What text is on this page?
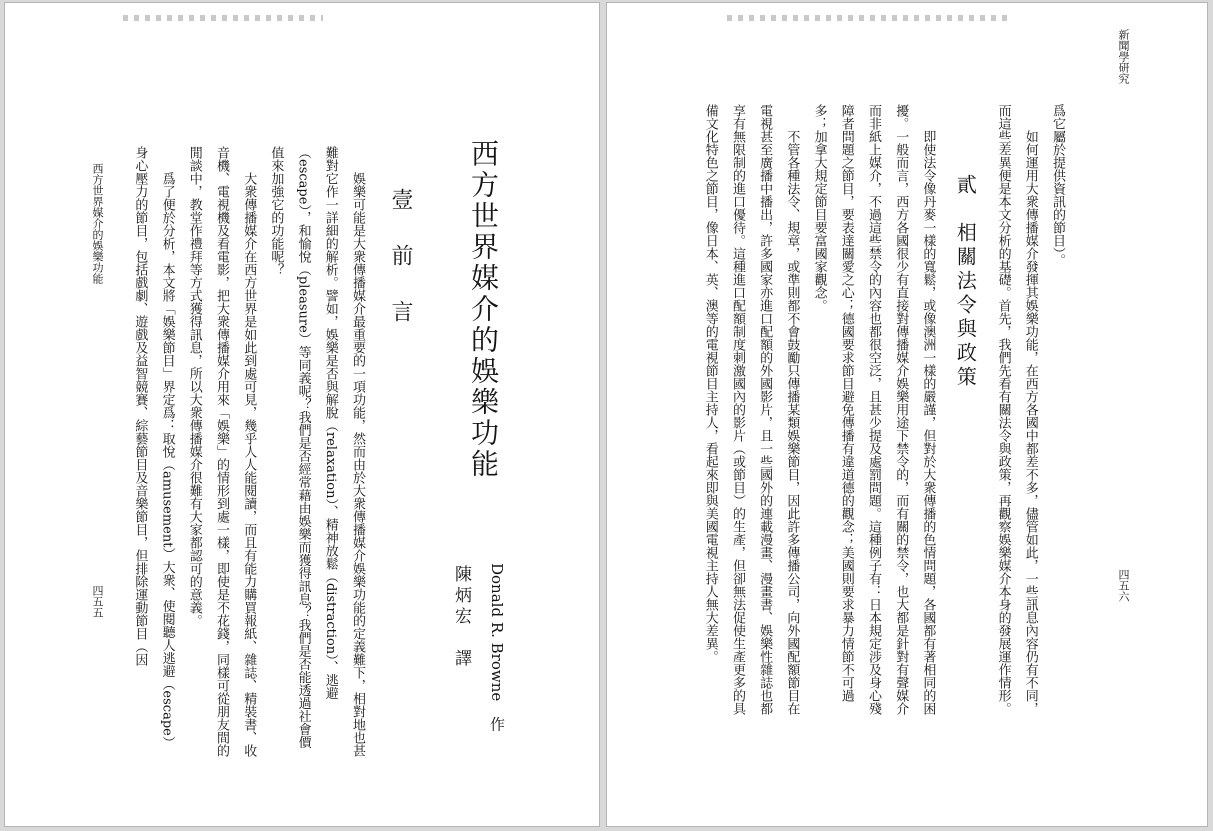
西方世界媒介的娛樂功能
Donald R. Browne　作
陳炳宏　譯
壹　前　言

娛樂可能是大衆傳播媒介最重要的一項功能，然而由於大衆傳播媒介娛樂功能的定義難下，相對地也甚難對它作一詳細的解析。譬如，娛樂是否與解脫（relaxation）、精神放鬆（distraction）、逃避（escape），和愉悅（pleasure）等同義呢？我們是否經常藉由娛樂而獲得訊息？我們是否能透過社會價值來加強它的功能呢？

大衆傳播媒介在西方世界是如此到處可見，幾乎人人能閱讀，而且有能力購買報紙、雜誌、精裝書、收音機、電視機及看電影，把大衆傳播媒介用來「娛樂」的情形到處一樣，即使是不花錢，同樣可從朋友間的閒談中，教堂作禮拜等方式獲得訊息，所以大衆傳播媒介很難有大家都認可的意義。

爲了便於分析，本文將「娛樂節目」界定爲：取悅（amusement）大衆、使閱聽人逃避（escape）身心壓力的節目，包括戲劇、遊戲及益智競賽、綜藝節目及音樂節目，但排除運動節目（因

西方世界媒介的娛樂功能
四五五
新聞學研究
四五六

爲它屬於提供資訊的節目）。

如何運用大衆傳播媒介發揮其娛樂功能，在西方各國中都差不多，儘管如此，一些訊息內容仍有不同，而這些差異便是本文分析的基礎。首先，我們先看有關法令與政策，再觀察娛樂媒介本身的發展運作情形。

貳　相關法令與政策

即使法令像丹麥一樣的寬鬆，或像澳洲一樣的嚴謹，但對於大衆傳播的色情問題，各國都有著相同的困擾。一般而言，西方各國很少有直接對傳播媒介娛樂用途下禁令的，而有關的禁令，也大都是針對有聲媒介而非紙上媒介，不過這些禁令的內容也都很空泛，且甚少提及處罰問題。這種例子有：日本規定涉及身心殘障者問題之節目，要表達關愛之心；德國要求節目避免傳播有違道德的觀念；美國則要求暴力情節不可過多；加拿大規定節目要富國家觀念。

不管各種法令、規章，或準則都不會鼓勵只傳播某類娛樂節目，因此許多傳播公司，向外國配額節目在電視甚至廣播中播出，許多國家亦進口配額的外國影片，且一些國外的連載漫畫、漫畫書、娛樂性雜誌也都享有無限制的進口優待。這種進口配額制度刺激國內的影片（或節目）的生產，但卻無法促使生產更多的具備文化特色之節目，像日本、英、澳等的電視節目主持人，看起來即與美國電視主持人無大差異。
